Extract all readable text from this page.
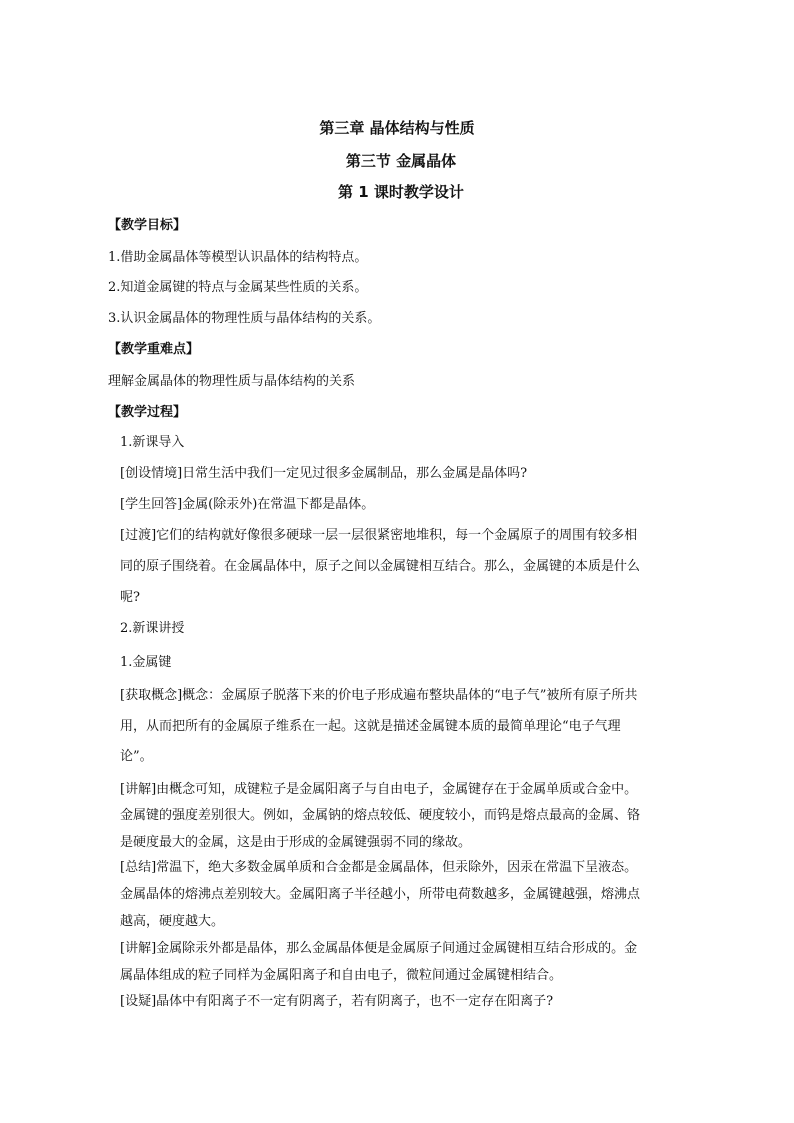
第三章 晶体结构与性质
第三节 金属晶体
第 1 课时教学设计
【教学目标】
1.借助金属晶体等模型认识晶体的结构特点。
2.知道金属键的特点与金属某些性质的关系。
3.认识金属晶体的物理性质与晶体结构的关系。
【教学重难点】
理解金属晶体的物理性质与晶体结构的关系
【教学过程】
1.新课导入
[创设情境]日常生活中我们一定见过很多金属制品，那么金属是晶体吗?
[学生回答]金属(除汞外)在常温下都是晶体。
[过渡]它们的结构就好像很多硬球一层一层很紧密地堆积，每一个金属原子的周围有较多相
同的原子围绕着。在金属晶体中，原子之间以金属键相互结合。那么，金属键的本质是什么
呢?
2.新课讲授
1.金属键
[获取概念]概念：金属原子脱落下来的价电子形成遍布整块晶体的“电子气”被所有原子所共
用，从而把所有的金属原子维系在一起。这就是描述金属键本质的最简单理论“电子气理
论”。
[讲解]由概念可知，成键粒子是金属阳离子与自由电子，金属键存在于金属单质或合金中。
金属键的强度差别很大。例如，金属钠的熔点较低、硬度较小，而钨是熔点最高的金属、铬
是硬度最大的金属，这是由于形成的金属键强弱不同的缘故。
[总结]常温下，绝大多数金属单质和合金都是金属晶体，但汞除外，因汞在常温下呈液态。
金属晶体的熔沸点差别较大。金属阳离子半径越小，所带电荷数越多，金属键越强，熔沸点
越高，硬度越大。
[讲解]金属除汞外都是晶体，那么金属晶体便是金属原子间通过金属键相互结合形成的。金
属晶体组成的粒子同样为金属阳离子和自由电子，微粒间通过金属键相结合。
[设疑]晶体中有阳离子不一定有阴离子，若有阴离子，也不一定存在阳离子?
